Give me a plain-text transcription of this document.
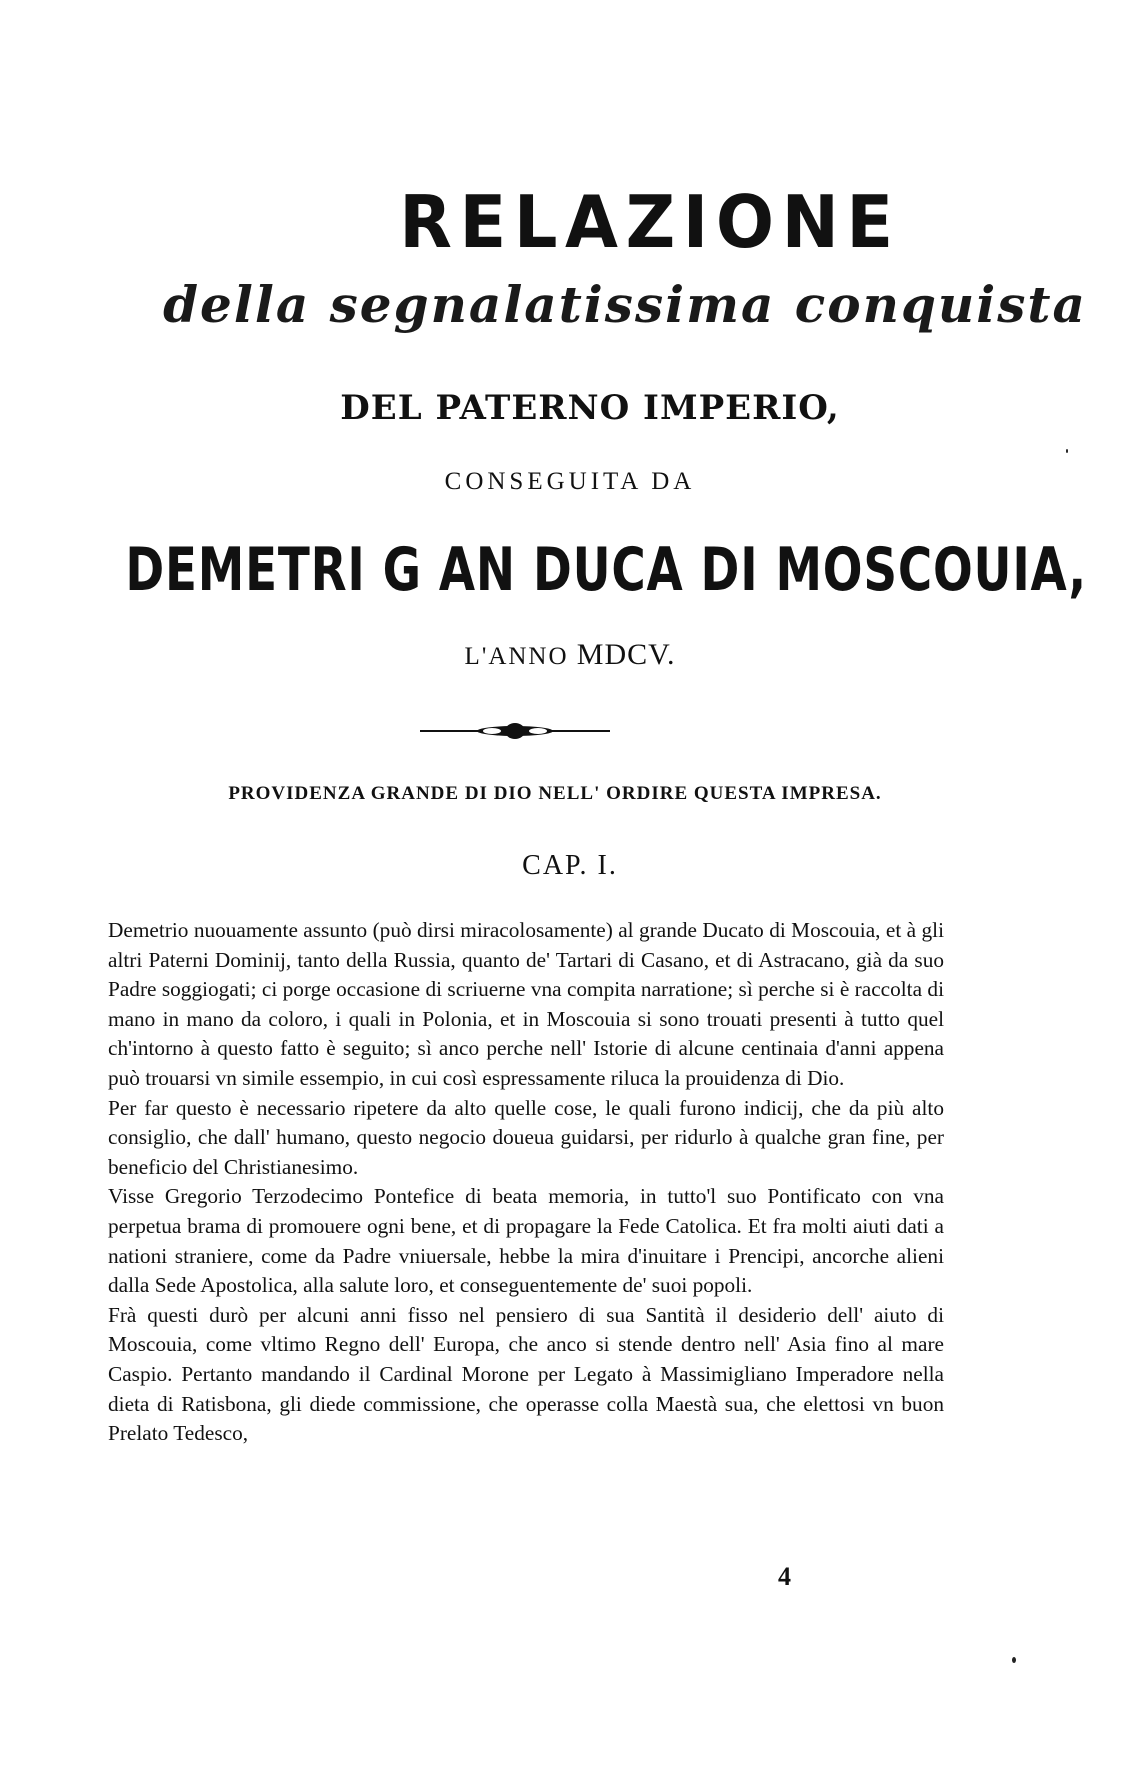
RELAZIONE
della segnalatissima conquista
DEL PATERNO IMPERIO,
CONSEGUITA DA
DEMETRI G AN DUCA DI MOSCOUIA,
L'ANNO MDCV.
PROVIDENZA GRANDE DI DIO NELL' ORDIRE QUESTA IMPRESA.
CAP. I.

Demetrio nuouamente assunto (può dirsi miracolosamente) al grande Ducato di Moscouia, et à gli altri Paterni Dominij, tanto della Russia, quanto de' Tartari di Casano, et di Astracano, già da suo Padre soggiogati; ci porge occasione di scriuerne vna compita narratione; sì perche si è raccolta di mano in mano da coloro, i quali in Polonia, et in Moscouia si sono trouati presenti à tutto quel ch'intorno à questo fatto è seguito; sì anco perche nell' Istorie di alcune centinaia d'anni appena può trouarsi vn simile essempio, in cui così espressamente riluca la prouidenza di Dio.

Per far questo è necessario ripetere da alto quelle cose, le quali furono indicij, che da più alto consiglio, che dall' humano, questo negocio doueua guidarsi, per ridurlo à qualche gran fine, per beneficio del Christianesimo.

Visse Gregorio Terzodecimo Pontefice di beata memoria, in tutto'l suo Pontificato con vna perpetua brama di promouere ogni bene, et di propagare la Fede Catolica. Et fra molti aiuti dati a nationi straniere, come da Padre vniuersale, hebbe la mira d'inuitare i Prencipi, ancorche alieni dalla Sede Apostolica, alla salute loro, et conseguentemente de' suoi popoli.

Frà questi durò per alcuni anni fisso nel pensiero di sua Santità il desiderio dell' aiuto di Moscouia, come vltimo Regno dell' Europa, che anco si stende dentro nell' Asia fino al mare Caspio. Pertanto mandando il Cardinal Morone per Legato à Massimigliano Imperadore nella dieta di Ratisbona, gli diede commissione, che operasse colla Maestà sua, che elettosi vn buon Prelato Tedesco,

4
